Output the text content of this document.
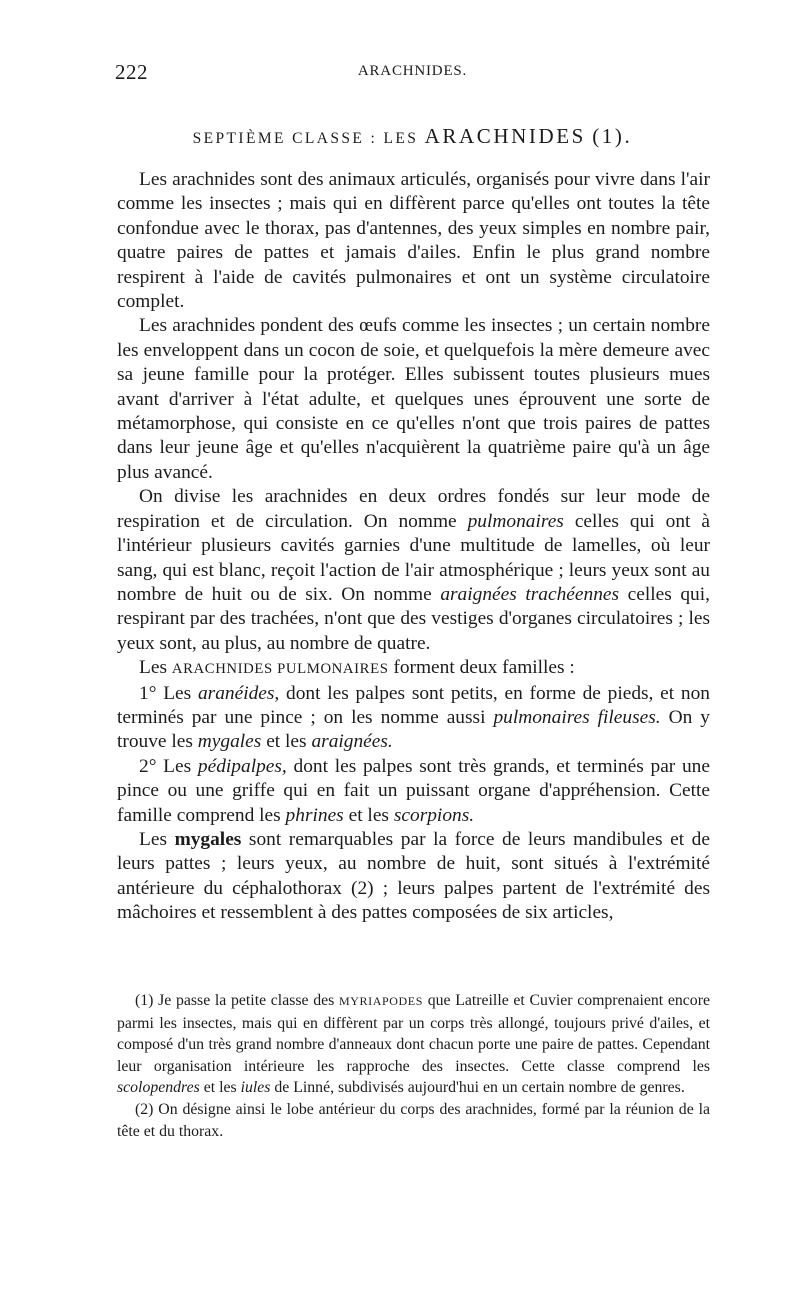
222	ARACHNIDES.
SEPTIÈME CLASSE : LES ARACHNIDES (1).

Les arachnides sont des animaux articulés, organisés pour vivre dans l'air comme les insectes ; mais qui en diffèrent parce qu'elles ont toutes la tête confondue avec le thorax, pas d'antennes, des yeux simples en nombre pair, quatre paires de pattes et jamais d'ailes. Enfin le plus grand nombre respirent à l'aide de cavités pulmonaires et ont un système circulatoire complet.

Les arachnides pondent des œufs comme les insectes ; un certain nombre les enveloppent dans un cocon de soie, et quelquefois la mère demeure avec sa jeune famille pour la protéger. Elles subissent toutes plusieurs mues avant d'arriver à l'état adulte, et quelques unes éprouvent une sorte de métamorphose, qui consiste en ce qu'elles n'ont que trois paires de pattes dans leur jeune âge et qu'elles n'acquièrent la quatrième paire qu'à un âge plus avancé.

On divise les arachnides en deux ordres fondés sur leur mode de respiration et de circulation. On nomme pulmonaires celles qui ont à l'intérieur plusieurs cavités garnies d'une multitude de lamelles, où leur sang, qui est blanc, reçoit l'action de l'air atmosphérique ; leurs yeux sont au nombre de huit ou de six. On nomme araignées trachéennes celles qui, respirant par des trachées, n'ont que des vestiges d'organes circulatoires ; les yeux sont, au plus, au nombre de quatre.

Les ARACHNIDES PULMONAIRES forment deux familles :

1° Les aranéides, dont les palpes sont petits, en forme de pieds, et non terminés par une pince ; on les nomme aussi pulmonaires fileuses. On y trouve les mygales et les araignées.

2° Les pédipalpes, dont les palpes sont très grands, et terminés par une pince ou une griffe qui en fait un puissant organe d'appréhension. Cette famille comprend les phrines et les scorpions.

Les mygales sont remarquables par la force de leurs mandibules et de leurs pattes ; leurs yeux, au nombre de huit, sont situés à l'extrémité antérieure du céphalothorax (2) ; leurs palpes partent de l'extrémité des mâchoires et ressemblent à des pattes composées de six articles,

(1) Je passe la petite classe des MYRIAPODES que Latreille et Cuvier comprenaient encore parmi les insectes, mais qui en diffèrent par un corps très allongé, toujours privé d'ailes, et composé d'un très grand nombre d'anneaux dont chacun porte une paire de pattes. Cependant leur organisation intérieure les rapproche des insectes. Cette classe comprend les scolopendres et les iules de Linné, subdivisés aujourd'hui en un certain nombre de genres.

(2) On désigne ainsi le lobe antérieur du corps des arachnides, formé par la réunion de la tête et du thorax.
